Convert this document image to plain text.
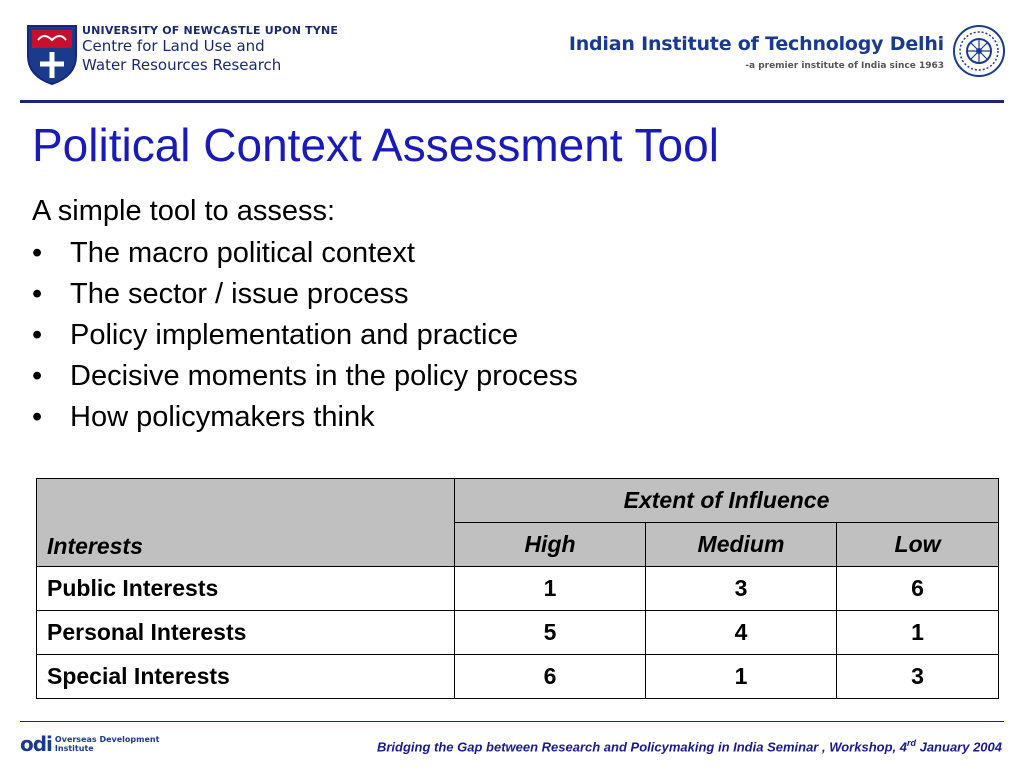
UNIVERSITY OF NEWCASTLE UPON TYNE
Centre for Land Use and
Water Resources Research
Indian Institute of Technology Delhi
-a premier institute of India since 1963
Political Context Assessment Tool
A simple tool to assess:
• The macro political context
• The sector / issue process
• Policy implementation and practice
• Decisive moments in the policy process
• How policymakers think
Interests	Extent of Influence		
	High	Medium	Low
Public Interests	1	3	6
Personal Interests	5	4	1
Special Interests	6	1	3
odi Overseas Development
Institute	Bridging the Gap between Research and Policymaking in India Seminar , Workshop, 4rd January 2004
